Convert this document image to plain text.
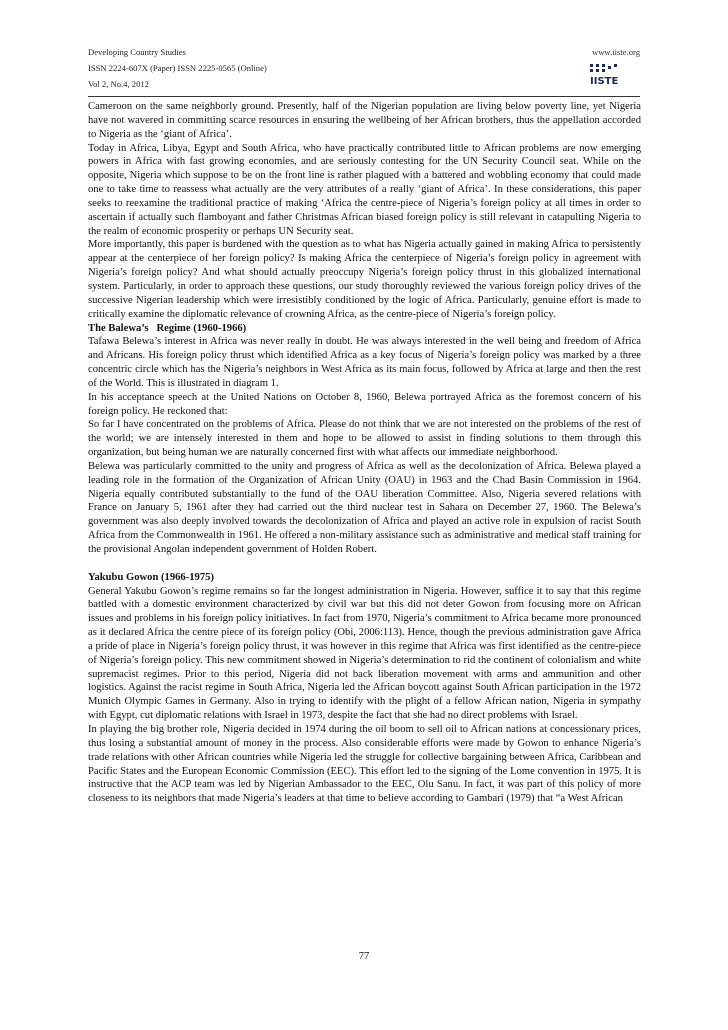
Developing Country Studies
ISSN 2224-607X (Paper) ISSN 2225-0565 (Online)
Vol 2, No.4, 2012
www.iiste.org
IISTE

Cameroon on the same neighborly ground. Presently, half of the Nigerian population are living below poverty line, yet Nigeria have not wavered in committing scarce resources in ensuring the wellbeing of her African brothers, thus the appellation accorded to Nigeria as the ‘giant of Africa’.

Today in Africa, Libya, Egypt and South Africa, who have practically contributed little to African problems are now emerging powers in Africa with fast growing economies, and are seriously contesting for the UN Security Council seat. While on the opposite, Nigeria which suppose to be on the front line is rather plagued with a battered and wobbling economy that could made one to take time to reassess what actually are the very attributes of a really ‘giant of Africa’. In these considerations, this paper seeks to reexamine the traditional practice of making ‘Africa the centre-piece of Nigeria’s foreign policy at all times in order to ascertain if actually such flamboyant and father Christmas African biased foreign policy is still relevant in catapulting Nigeria to the realm of economic prosperity or perhaps UN Security seat.

More importantly, this paper is burdened with the question as to what has Nigeria actually gained in making Africa to persistently appear at the centerpiece of her foreign policy? Is making Africa the centerpiece of Nigeria’s foreign policy in agreement with Nigeria’s foreign policy? And what should actually preoccupy Nigeria’s foreign policy thrust in this globalized international system. Particularly, in order to approach these questions, our study thoroughly reviewed the various foreign policy drives of the successive Nigerian leadership which were irresistibly conditioned by the logic of Africa. Particularly, genuine effort is made to critically examine the diplomatic relevance of crowning Africa, as the centre-piece of Nigeria’s foreign policy.

The Balewa’s   Regime (1960-1966)

Tafawa Belewa’s interest in Africa was never really in doubt. He was always interested in the well being and freedom of Africa and Africans. His foreign policy thrust which identified Africa as a key focus of Nigeria’s foreign policy was marked by a three concentric circle which has the Nigeria’s neighbors in West Africa as its main focus, followed by Africa at large and then the rest of the World. This is illustrated in diagram 1.

In his acceptance speech at the United Nations on October 8, 1960, Belewa portrayed Africa as the foremost concern of his foreign policy. He reckoned that:

So far I have concentrated on the problems of Africa. Please do not think that we are not interested on the problems of the rest of the world; we are intensely interested in them and hope to be allowed to assist in finding solutions to them through this organization, but being human we are naturally concerned first with what affects our immediate neighborhood.

Belewa was particularly committed to the unity and progress of Africa as well as the decolonization of Africa. Belewa played a leading role in the formation of the Organization of African Unity (OAU) in 1963 and the Chad Basin Commission in 1964. Nigeria equally contributed substantially to the fund of the OAU liberation Committee. Also, Nigeria severed relations with France on January 5, 1961 after they had carried out the third nuclear test in Sahara on December 27, 1960. The Belewa’s government was also deeply involved towards the decolonization of Africa and played an active role in expulsion of racist South Africa from the Commonwealth in 1961. He offered a non-military assistance such as administrative and medical staff training for the provisional Angolan independent government of Holden Robert.

Yakubu Gowon (1966-1975)

General Yakubu Gowon’s regime remains so far the longest administration in Nigeria. However, suffice it to say that this regime battled with a domestic environment characterized by civil war but this did not deter Gowon from focusing more on African issues and problems in his foreign policy initiatives. In fact from 1970, Nigeria’s commitment to Africa became more pronounced as it declared Africa the centre piece of its foreign policy (Obi, 2006:113). Hence, though the previous administration gave Africa a pride of place in Nigeria’s foreign policy thrust, it was however in this regime that Africa was first identified as the centre-piece of Nigeria’s foreign policy. This new commitment showed in Nigeria’s determination to rid the continent of colonialism and white supremacist regimes. Prior to this period, Nigeria did not back liberation movement with arms and ammunition and other logistics. Against the racist regime in South Africa, Nigeria led the African boycott against South African participation in the 1972 Munich Olympic Games in Germany. Also in trying to identify with the plight of a fellow African nation, Nigeria in sympathy with Egypt, cut diplomatic relations with Israel in 1973, despite the fact that she had no direct problems with Israel.

In playing the big brother role, Nigeria decided in 1974 during the oil boom to sell oil to African nations at concessionary prices, thus losing a substantial amount of money in the process. Also considerable efforts were made by Gowon to enhance Nigeria’s trade relations with other African countries while Nigeria led the struggle for collective bargaining between Africa, Caribbean and Pacific States and the European Economic Commission (EEC). This effort led to the signing of the Lome convention in 1975. It is instructive that the ACP team was led by Nigerian Ambassador to the EEC, Olu Sanu. In fact, it was part of this policy of more closeness to its neighbors that made Nigeria’s leaders at that time to believe according to Gambari (1979) that “a West African

77
